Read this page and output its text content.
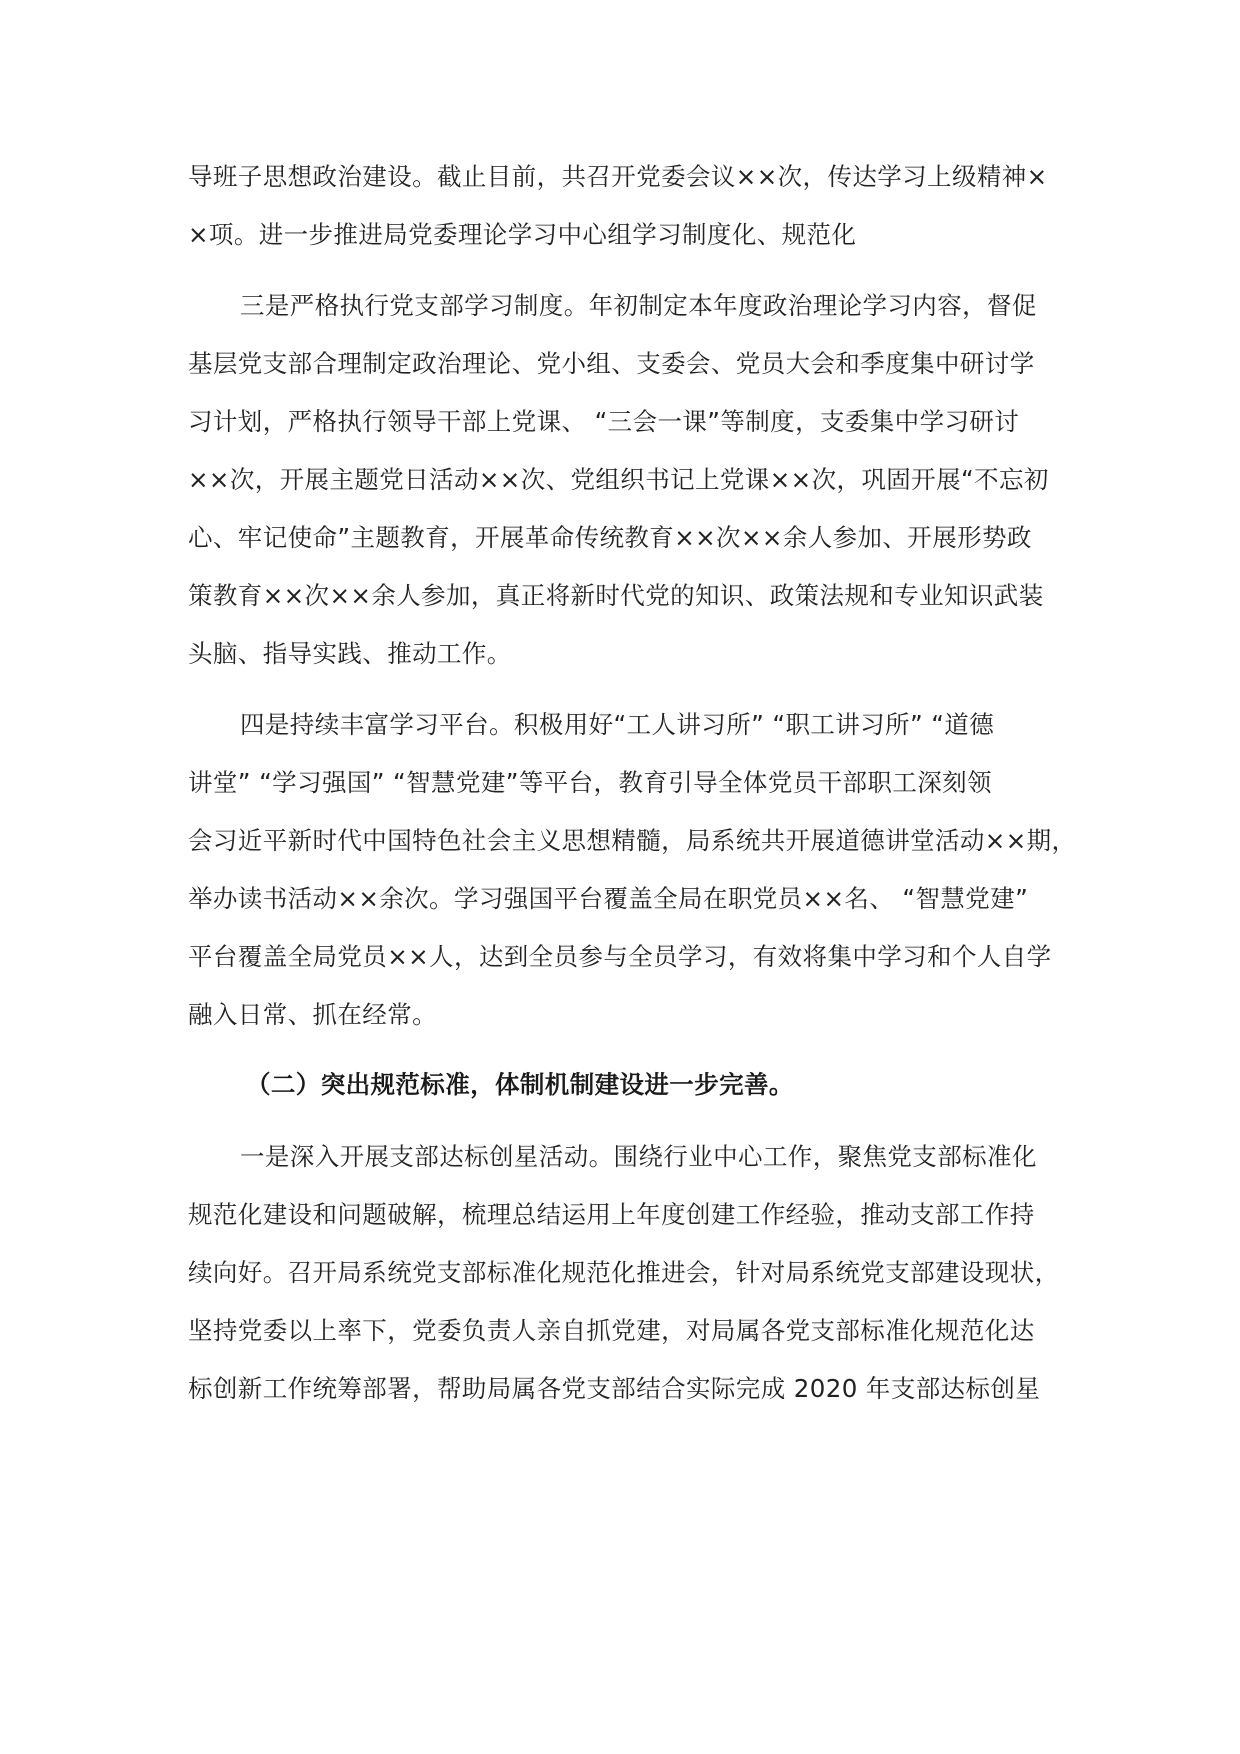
导班子思想政治建设。截止目前，共召开党委会议××次，传达学习上级精神×
×项。进一步推进局党委理论学习中心组学习制度化、规范化
三是严格执行党支部学习制度。年初制定本年度政治理论学习内容，督促
基层党支部合理制定政治理论、党小组、支委会、党员大会和季度集中研讨学
习计划，严格执行领导干部上党课、 “三会一课”等制度，支委集中学习研讨
××次，开展主题党日活动××次、党组织书记上党课××次，巩固开展“不忘初
心、牢记使命”主题教育，开展革命传统教育××次××余人参加、开展形势政
策教育××次××余人参加，真正将新时代党的知识、政策法规和专业知识武装
头脑、指导实践、推动工作。
四是持续丰富学习平台。积极用好“工人讲习所” “职工讲习所” “道德
讲堂” “学习强国” “智慧党建”等平台，教育引导全体党员干部职工深刻领
会习近平新时代中国特色社会主义思想精髓，局系统共开展道德讲堂活动××期，
举办读书活动××余次。学习强国平台覆盖全局在职党员××名、 “智慧党建”
平台覆盖全局党员××人，达到全员参与全员学习，有效将集中学习和个人自学
融入日常、抓在经常。
（二）突出规范标准，体制机制建设进一步完善。
一是深入开展支部达标创星活动。围绕行业中心工作，聚焦党支部标准化
规范化建设和问题破解，梳理总结运用上年度创建工作经验，推动支部工作持
续向好。召开局系统党支部标准化规范化推进会，针对局系统党支部建设现状，
坚持党委以上率下，党委负责人亲自抓党建，对局属各党支部标准化规范化达
标创新工作统筹部署，帮助局属各党支部结合实际完成 2020 年支部达标创星
